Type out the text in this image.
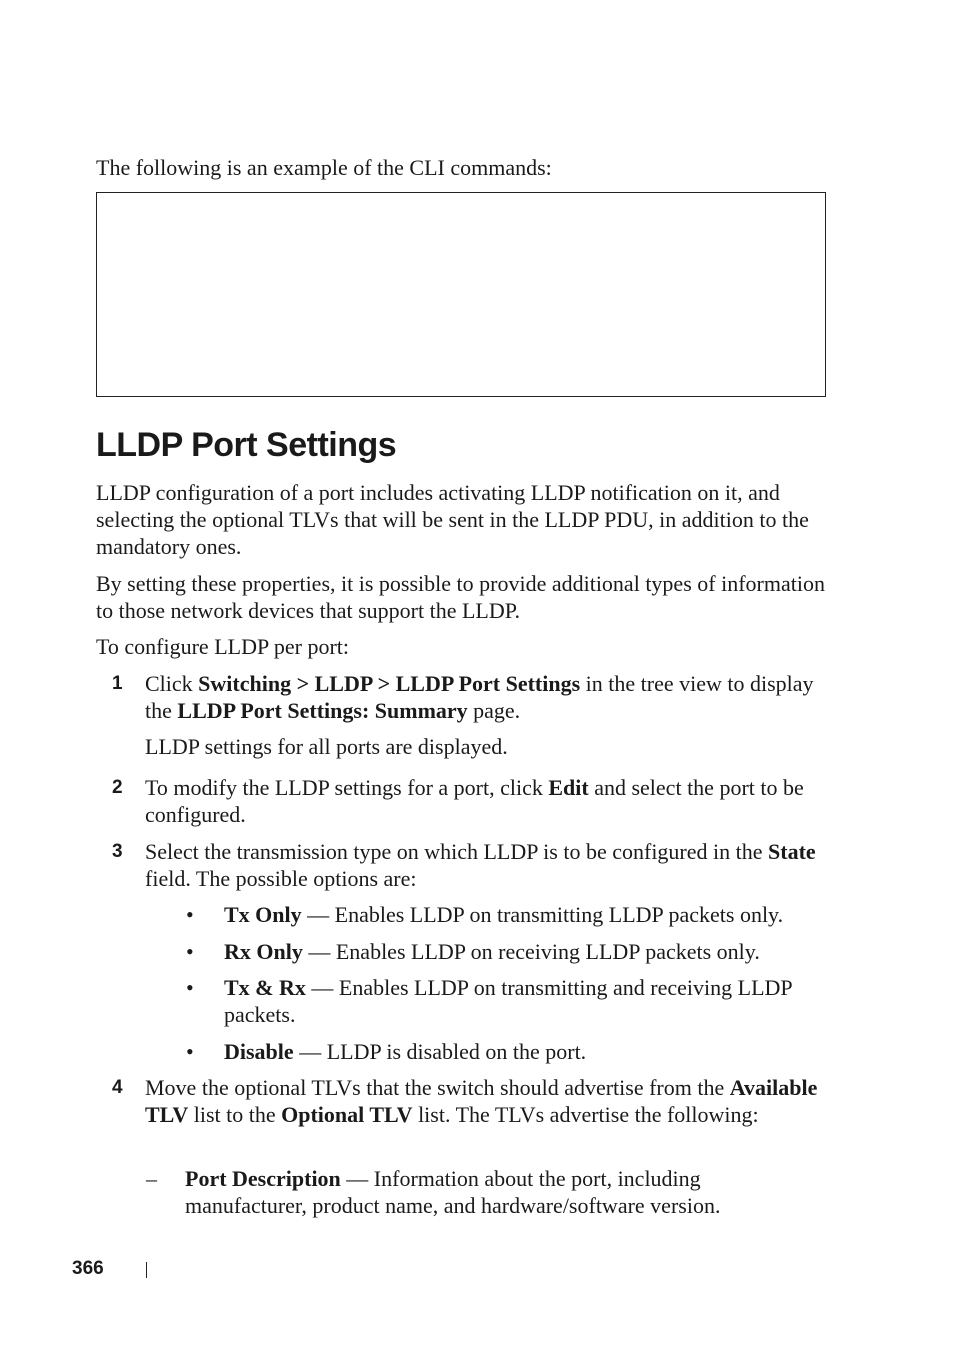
The following is an example of the CLI commands:
LLDP Port Settings
LLDP configuration of a port includes activating LLDP notification on it, and selecting the optional TLVs that will be sent in the LLDP PDU, in addition to the mandatory ones.
By setting these properties, it is possible to provide additional types of information to those network devices that support the LLDP.
To configure LLDP per port:
1 Click Switching > LLDP > LLDP Port Settings in the tree view to display the LLDP Port Settings: Summary page.
LLDP settings for all ports are displayed.
2 To modify the LLDP settings for a port, click Edit and select the port to be configured.
3 Select the transmission type on which LLDP is to be configured in the State field. The possible options are:
• Tx Only — Enables LLDP on transmitting LLDP packets only.
• Rx Only — Enables LLDP on receiving LLDP packets only.
• Tx & Rx — Enables LLDP on transmitting and receiving LLDP packets.
• Disable — LLDP is disabled on the port.
4 Move the optional TLVs that the switch should advertise from the Available TLV list to the Optional TLV list. The TLVs advertise the following:
– Port Description — Information about the port, including manufacturer, product name, and hardware/software version.
366
